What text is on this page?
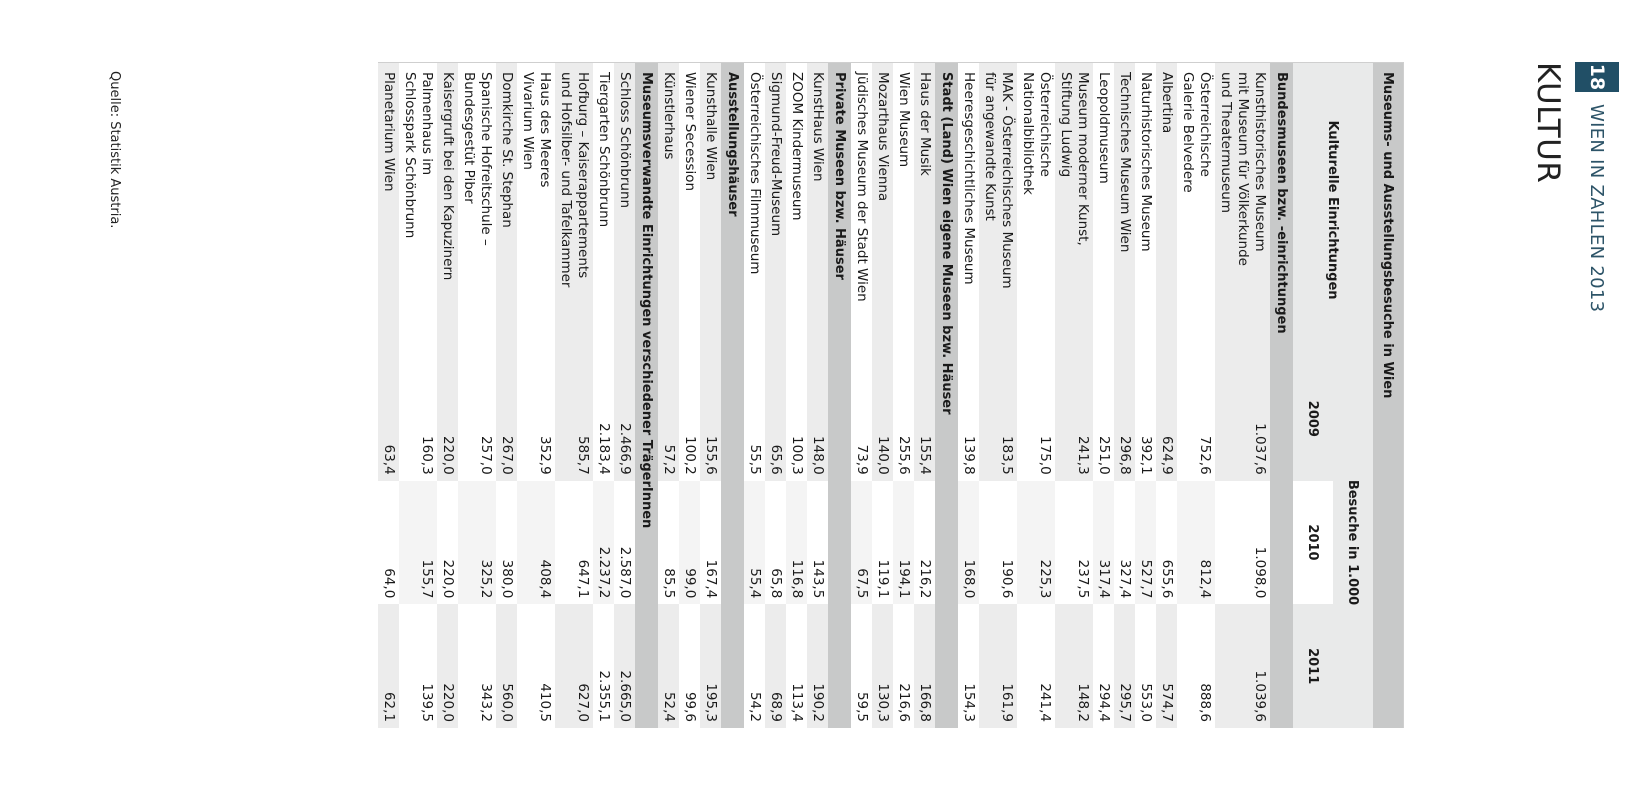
18
WIEN IN ZAHLEN 2013
KULTUR
Museums- und Ausstellungsbesuche in Wien			
Kulturelle Einrichtungen	Besuche in 1.000		
	2009	2010	2011
Bundesmuseen bzw. -einrichtungen			
Kunsthistorisches Museum
mit Museum für Völkerkunde
und Theatermuseum	1.037,6	1.098,0	1.039,6
Österreichische
Galerie Belvedere	752,6	812,4	888,6
Albertina	624,9	655,6	574,7
Naturhistorisches Museum	392,1	527,7	553,0
Technisches Museum Wien	296,8	327,4	295,7
Leopoldmuseum	251,0	317,4	294,4
Museum moderner Kunst,
Stiftung Ludwig	241,3	237,5	148,2
Österreichische
Nationalbibliothek	175,0	225,3	241,4
MAK - Österreichisches Museum
für angewandte Kunst	183,5	190,6	161,9
Heeresgeschichtliches Museum	139,8	168,0	154,3
Stadt (Land) Wien eigene Museen bzw. Häuser			
Haus der Musik	155,4	216,2	166,8
Wien Museum	255,6	194,1	216,6
Mozarthaus Vienna	140,0	119,1	130,3
Jüdisches Museum der Stadt Wien	73,9	67,5	59,5
Private Museen bzw. Häuser			
KunstHaus Wien	148,0	143,5	190,2
ZOOM Kindermuseum	100,3	116,8	113,4
Sigmund-Freud-Museum	65,6	65,8	68,9
Österreichisches Filmmuseum	55,5	55,4	54,2
Ausstellungshäuser			
Kunsthalle Wien	155,6	167,4	195,3
Wiener Secession	100,2	99,0	99,6
Künstlerhaus	57,2	85,5	52,4
Museumsverwandte Einrichtungen verschiedener TrägerInnen			
Schloss Schönbrunn	2.466,9	2.587,0	2.665,0
Tiergarten Schönbrunn	2.183,4	2.237,2	2.355,1
Hofburg – Kaiserappartements
und Hofsilber- und Tafelkammer	585,7	647,1	627,0
Haus des Meeres
Vivarium Wien	352,9	408,4	410,5
Domkirche St. Stephan	267,0	380,0	560,0
Spanische Hofreitschule –
Bundesgestüt Piber	257,0	325,2	343,2
Kaisergruft bei den Kapuzinern	220,0	220,0	220,0
Palmenhaus im
Schlosspark Schönbrunn	160,3	155,7	139,5
Planetarium Wien	63,4	64,0	62,1
Quelle: Statistik Austria.
